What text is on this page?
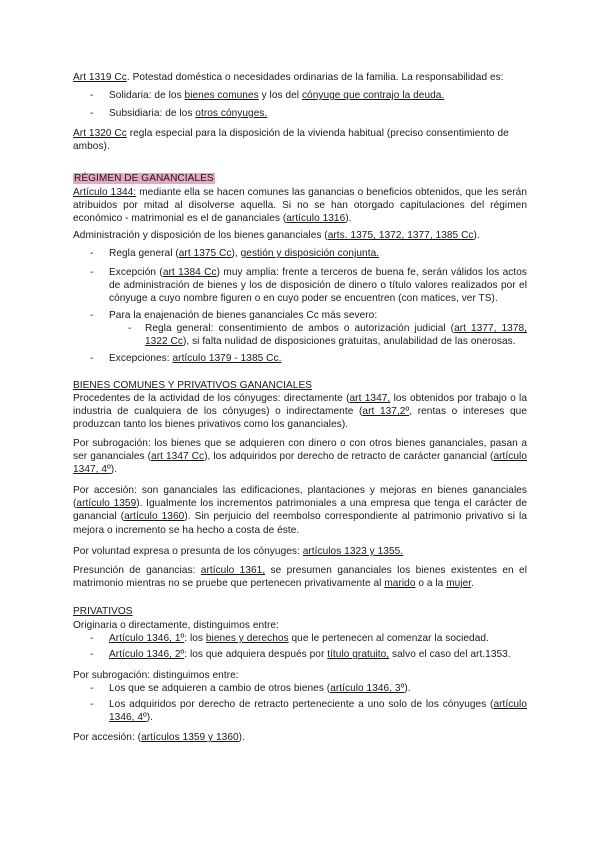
Art 1319 Cc. Potestad doméstica o necesidades ordinarias de la familia. La responsabilidad es:

- Solidaria: de los bienes comunes y los del cónyuge que contrajo la deuda.
- Subsidiaria: de los otros cónyuges.

Art 1320 Cc regla especial para la disposición de la vivienda habitual (preciso consentimiento de ambos).

RÉGIMEN DE GANANCIALES

Artículo 1344: mediante ella se hacen comunes las ganancias o beneficios obtenidos, que les serán atribuidos por mitad al disolverse aquella. Si no se han otorgado capitulaciones del régimen económico - matrimonial es el de gananciales (artículo 1316).

Administración y disposición de los bienes gananciales (arts. 1375, 1372, 1377, 1385 Cc).

- Regla general (art 1375 Cc), gestión y disposición conjunta.
- Excepción (art 1384 Cc) muy amplia: frente a terceros de buena fe, serán válidos los actos de administración de bienes y los de disposición de dinero o título valores realizados por el cónyuge a cuyo nombre figuren o en cuyo poder se encuentren (con matices, ver TS).
- Para la enajenación de bienes gananciales Cc más severo:
- Regla general: consentimiento de ambos o autorización judicial (art 1377, 1378, 1322 Cc), si falta nulidad de disposiciones gratuitas, anulabilidad de las onerosas.
- Excepciones: artículo 1379 - 1385 Cc.

BIENES COMUNES Y PRIVATIVOS GANANCIALES

Procedentes de la actividad de los cónyuges: directamente (art 1347, los obtenidos por trabajo o la industria de cualquiera de los cónyuges) o indirectamente (art 137,2º, rentas o intereses que produzcan tanto los bienes privativos como los gananciales).

Por subrogación: los bienes que se adquieren con dinero o con otros bienes gananciales, pasan a ser gananciales (art 1347 Cc), los adquiridos por derecho de retracto de carácter ganancial (artículo 1347, 4º).

Por accesión: son gananciales las edificaciones, plantaciones y mejoras en bienes gananciales (artículo 1359). Igualmente los incrementos patrimoniales a una empresa que tenga el carácter de ganancial (artículo 1360). Sin perjuicio del reembolso correspondiente al patrimonio privativo si la mejora o incremento se ha hecho a costa de éste.

Por voluntad expresa o presunta de los cónyuges: artículos 1323 y 1355.

Presunción de ganancias: artículo 1361, se presumen gananciales los bienes existentes en el matrimonio mientras no se pruebe que pertenecen privativamente al marido o a la mujer.

PRIVATIVOS

Originaria o directamente, distinguimos entre:

- Artículo 1346, 1º: los bienes y derechos que le pertenecen al comenzar la sociedad.
- Artículo 1346, 2º: los que adquiera después por título gratuito, salvo el caso del art.1353.

Por subrogación: distinguimos entre:

- Los que se adquieren a cambio de otros bienes (artículo 1346, 3º).
- Los adquiridos por derecho de retracto perteneciente a uno solo de los cónyuges (artículo 1346, 4º).

Por accesión: (artículos 1359 y 1360).
